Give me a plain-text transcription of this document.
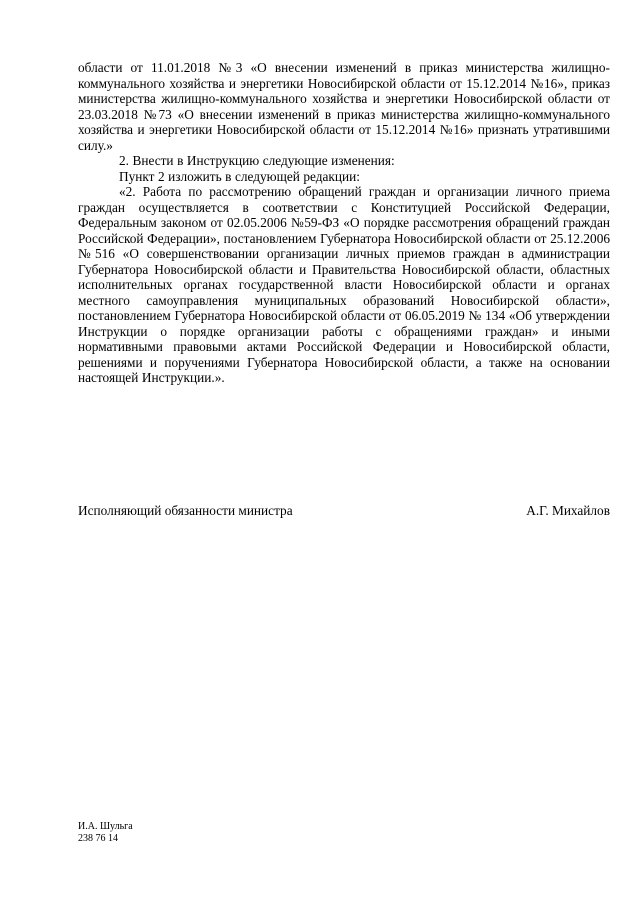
области от 11.01.2018 №3 «О внесении изменений в приказ министерства жилищно-коммунального хозяйства и энергетики Новосибирской области от 15.12.2014 №16», приказ министерства жилищно-коммунального хозяйства и энергетики Новосибирской области от 23.03.2018 №73 «О внесении изменений в приказ министерства жилищно-коммунального хозяйства и энергетики Новосибирской области от 15.12.2014 №16» признать утратившими силу.»

2. Внести в Инструкцию следующие изменения:

Пункт 2 изложить в следующей редакции:

«2. Работа по рассмотрению обращений граждан и организации личного приема граждан осуществляется в соответствии с Конституцией Российской Федерации, Федеральным законом от 02.05.2006 №59-ФЗ «О порядке рассмотрения обращений граждан Российской Федерации», постановлением Губернатора Новосибирской области от 25.12.2006 №516 «О совершенствовании организации личных приемов граждан в администрации Губернатора Новосибирской области и Правительства Новосибирской области, областных исполнительных органах государственной власти Новосибирской области и органах местного самоуправления муниципальных образований Новосибирской области», постановлением Губернатора Новосибирской области от 06.05.2019 № 134 «Об утверждении Инструкции о порядке организации работы с обращениями граждан» и иными нормативными правовыми актами Российской Федерации и Новосибирской области, решениями и поручениями Губернатора Новосибирской области, а также на основании настоящей Инструкции.».

Исполняющий обязанности министра	А.Г. Михайлов
И.А. Шульга
238 76 14
